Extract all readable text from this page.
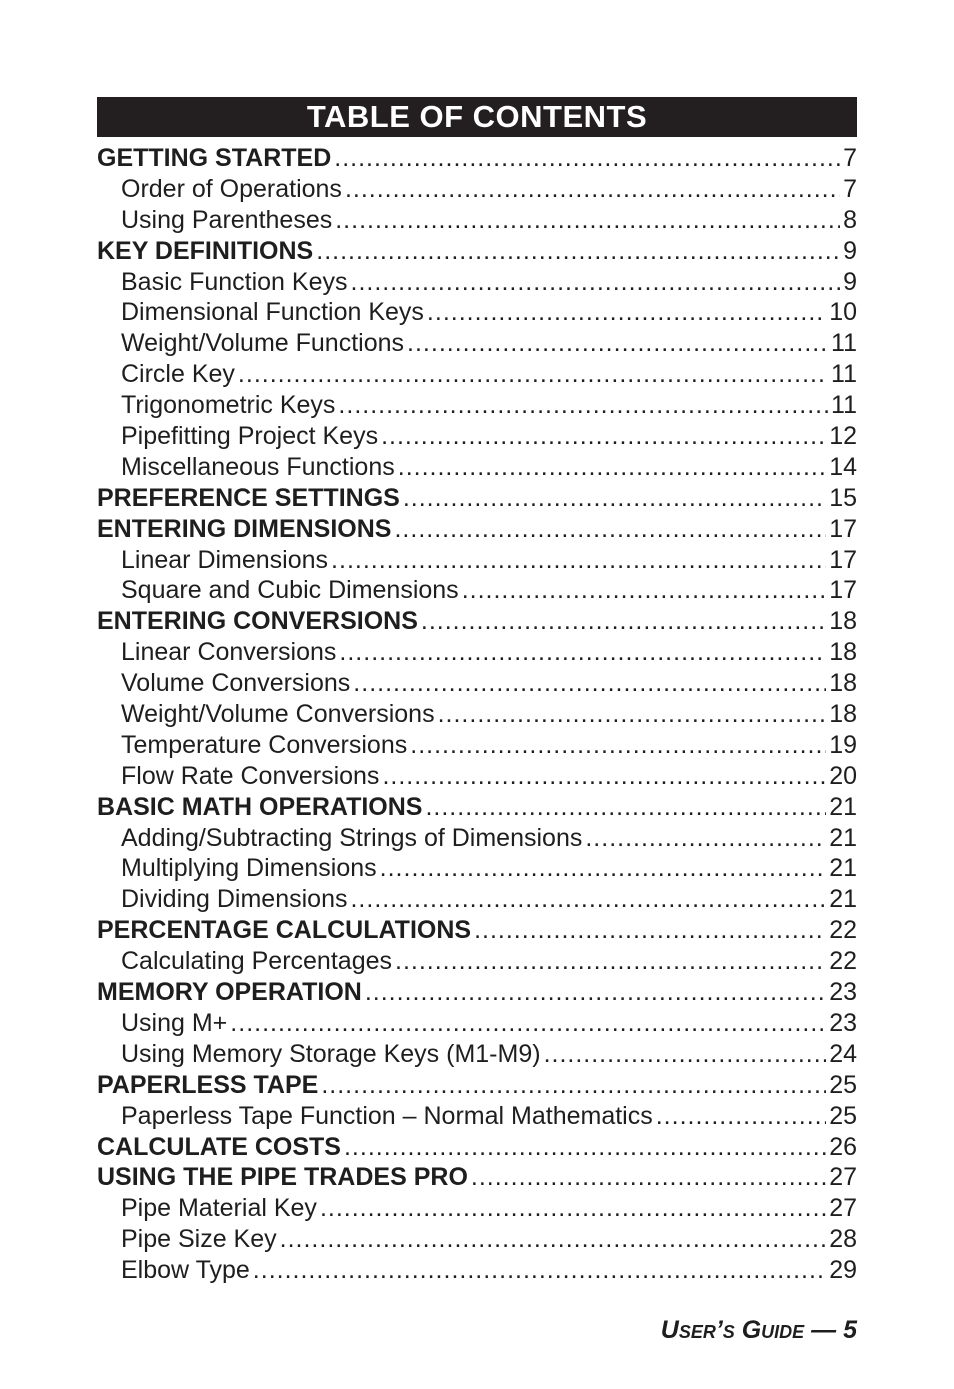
TABLE OF CONTENTS
GETTING STARTED .....	7
Order of Operations .....	7
Using Parentheses .....	8
KEY DEFINITIONS .....	9
Basic Function Keys .....	9
Dimensional Function Keys .....	10
Weight/Volume Functions .....	11
Circle Key .....	11
Trigonometric Keys .....	11
Pipefitting Project Keys .....	12
Miscellaneous Functions .....	14
PREFERENCE SETTINGS .....	15
ENTERING DIMENSIONS .....	17
Linear Dimensions .....	17
Square and Cubic Dimensions .....	17
ENTERING CONVERSIONS .....	18
Linear Conversions .....	18
Volume Conversions .....	18
Weight/Volume Conversions .....	18
Temperature Conversions .....	19
Flow Rate Conversions .....	20
BASIC MATH OPERATIONS .....	21
Adding/Subtracting Strings of Dimensions .....	21
Multiplying Dimensions .....	21
Dividing Dimensions .....	21
PERCENTAGE CALCULATIONS .....	22
Calculating Percentages .....	22
MEMORY OPERATION .....	23
Using M+ .....	23
Using Memory Storage Keys (M1-M9) .....	24
PAPERLESS TAPE .....	25
Paperless Tape Function – Normal Mathematics .....	25
CALCULATE COSTS .....	26
USING THE PIPE TRADES PRO .....	27
Pipe Material Key .....	27
Pipe Size Key .....	28
Elbow Type .....	29
User’s Guide — 5
